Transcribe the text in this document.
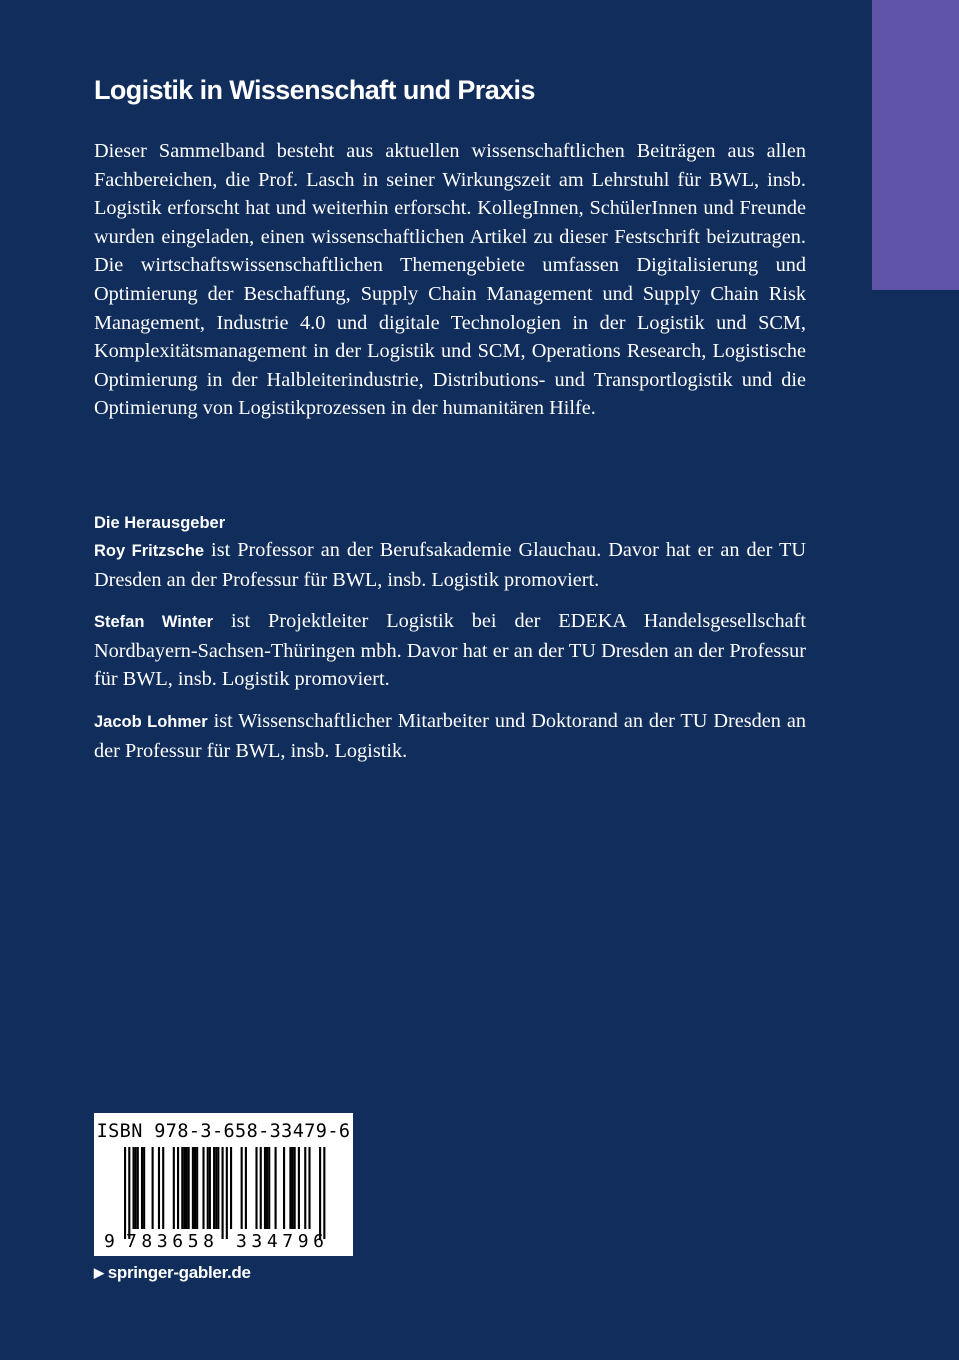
Logistik in Wissenschaft und Praxis

Dieser Sammelband besteht aus aktuellen wissenschaftlichen Beiträgen aus allen Fachbereichen, die Prof. Lasch in seiner Wirkungszeit am Lehrstuhl für BWL, insb. Logistik erforscht hat und weiterhin erforscht. KollegInnen, SchülerInnen und Freunde wurden eingeladen, einen wissenschaftlichen Artikel zu dieser Festschrift beizutragen. Die wirtschaftswissenschaftlichen Themengebiete umfassen Digitalisierung und Optimierung der Beschaffung, Supply Chain Management und Supply Chain Risk Management, Industrie 4.0 und digitale Technologien in der Logistik und SCM, Komplexitätsmanagement in der Logistik und SCM, Operations Research, Logistische Optimierung in der Halbleiterindustrie, Distributions- und Transportlogistik und die Optimierung von Logistikprozessen in der humanitären Hilfe.

Die Herausgeber

Roy Fritzsche ist Professor an der Berufsakademie Glauchau. Davor hat er an der TU Dresden an der Professur für BWL, insb. Logistik promoviert.

Stefan Winter ist Projektleiter Logistik bei der EDEKA Handelsgesellschaft Nordbayern-Sachsen-Thüringen mbh. Davor hat er an der TU Dresden an der Professur für BWL, insb. Logistik promoviert.

Jacob Lohmer ist Wissenschaftlicher Mitarbeiter und Doktorand an der TU Dresden an der Professur für BWL, insb. Logistik.

ISBN 978-3-658-33479-6
9 783658 334796
▶ springer-gabler.de
